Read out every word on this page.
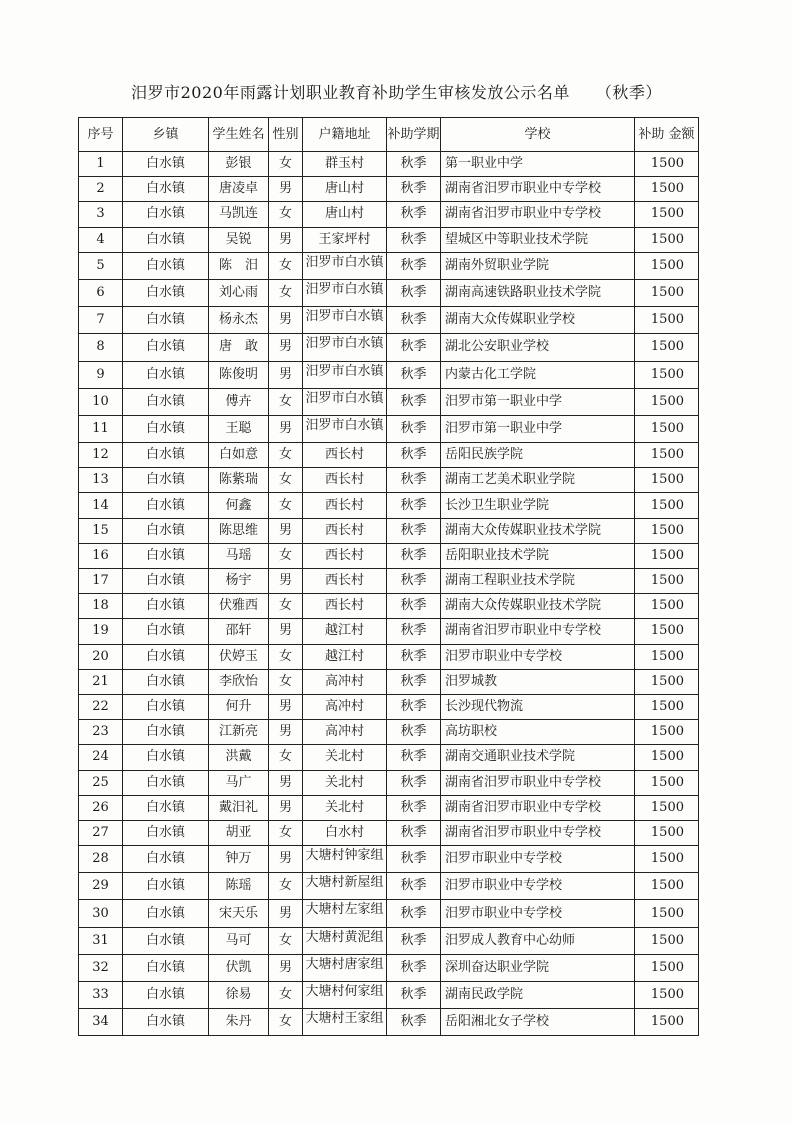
汨罗市2020年雨露计划职业教育补助学生审核发放公示名单 （秋季）
序号	乡镇	学生姓名	性别	户籍地址	补助学期	学校	补助 金额
1	白水镇	彭银	女	群玉村	秋季	第一职业中学	1500
2	白水镇	唐凌卓	男	唐山村	秋季	湖南省汨罗市职业中专学校	1500
3	白水镇	马凯连	女	唐山村	秋季	湖南省汨罗市职业中专学校	1500
4	白水镇	吴锐	男	王家坪村	秋季	望城区中等职业技术学院	1500
5	白水镇	陈　汨	女	汨罗市白水镇	秋季	湖南外贸职业学院	1500
6	白水镇	刘心雨	女	汨罗市白水镇	秋季	湖南高速铁路职业技术学院	1500
7	白水镇	杨永杰	男	汨罗市白水镇	秋季	湖南大众传媒职业学校	1500
8	白水镇	唐　敢	男	汨罗市白水镇	秋季	湖北公安职业学校	1500
9	白水镇	陈俊明	男	汨罗市白水镇	秋季	内蒙古化工学院	1500
10	白水镇	傅卉	女	汨罗市白水镇	秋季	汨罗市第一职业中学	1500
11	白水镇	王聪	男	汨罗市白水镇	秋季	汨罗市第一职业中学	1500
12	白水镇	白如意	女	西长村	秋季	岳阳民族学院	1500
13	白水镇	陈紫瑞	女	西长村	秋季	湖南工艺美术职业学院	1500
14	白水镇	何鑫	女	西长村	秋季	长沙卫生职业学院	1500
15	白水镇	陈思维	男	西长村	秋季	湖南大众传媒职业技术学院	1500
16	白水镇	马瑶	女	西长村	秋季	岳阳职业技术学院	1500
17	白水镇	杨宇	男	西长村	秋季	湖南工程职业技术学院	1500
18	白水镇	伏雅西	女	西长村	秋季	湖南大众传媒职业技术学院	1500
19	白水镇	邵轩	男	越江村	秋季	湖南省汨罗市职业中专学校	1500
20	白水镇	伏婷玉	女	越江村	秋季	汨罗市职业中专学校	1500
21	白水镇	李欣怡	女	高冲村	秋季	汨罗城教	1500
22	白水镇	何升	男	高冲村	秋季	长沙现代物流	1500
23	白水镇	江新亮	男	高冲村	秋季	高坊职校	1500
24	白水镇	洪戴	女	关北村	秋季	湖南交通职业技术学院	1500
25	白水镇	马广	男	关北村	秋季	湖南省汨罗市职业中专学校	1500
26	白水镇	戴汨礼	男	关北村	秋季	湖南省汨罗市职业中专学校	1500
27	白水镇	胡亚	女	白水村	秋季	湖南省汨罗市职业中专学校	1500
28	白水镇	钟万	男	大塘村钟家组	秋季	汨罗市职业中专学校	1500
29	白水镇	陈瑶	女	大塘村新屋组	秋季	汨罗市职业中专学校	1500
30	白水镇	宋天乐	男	大塘村左家组	秋季	汨罗市职业中专学校	1500
31	白水镇	马可	女	大塘村黄泥组	秋季	汨罗成人教育中心幼师	1500
32	白水镇	伏凯	男	大塘村唐家组	秋季	深圳奋达职业学院	1500
33	白水镇	徐易	女	大塘村何家组	秋季	湖南民政学院	1500
34	白水镇	朱丹	女	大塘村王家组	秋季	岳阳湘北女子学校	1500
